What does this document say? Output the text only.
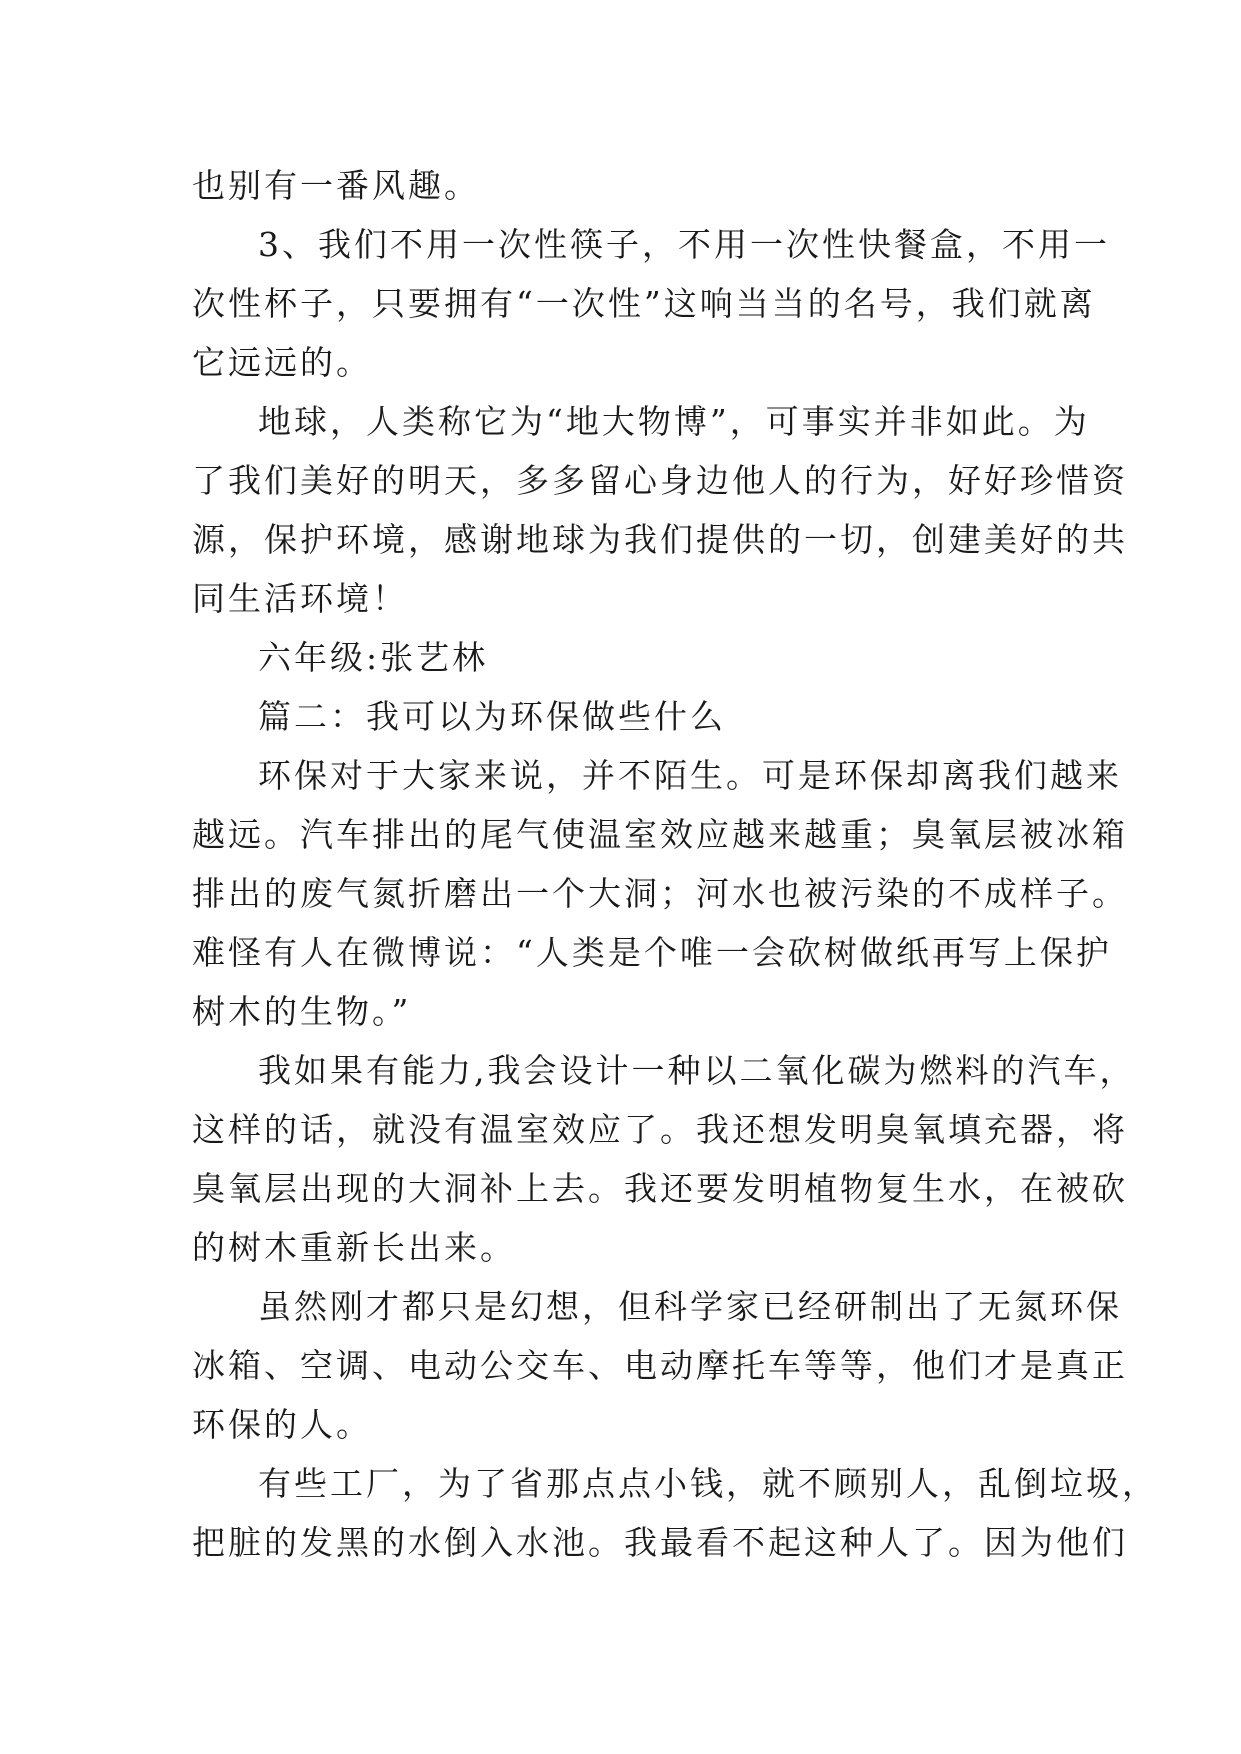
也别有一番风趣。
3、我们不用一次性筷子，不用一次性快餐盒，不用一
次性杯子，只要拥有“一次性”这响当当的名号，我们就离
它远远的。
地球，人类称它为“地大物博”，可事实并非如此。为
了我们美好的明天，多多留心身边他人的行为，好好珍惜资
源，保护环境，感谢地球为我们提供的一切，创建美好的共
同生活环境！
六年级:张艺林
篇二：我可以为环保做些什么
环保对于大家来说，并不陌生。可是环保却离我们越来
越远。汽车排出的尾气使温室效应越来越重；臭氧层被冰箱
排出的废气氮折磨出一个大洞；河水也被污染的不成样子。
难怪有人在微博说：“人类是个唯一会砍树做纸再写上保护
树木的生物。”
我如果有能力,我会设计一种以二氧化碳为燃料的汽车，
这样的话，就没有温室效应了。我还想发明臭氧填充器，将
臭氧层出现的大洞补上去。我还要发明植物复生水，在被砍
的树木重新长出来。
虽然刚才都只是幻想，但科学家已经研制出了无氮环保
冰箱、空调、电动公交车、电动摩托车等等，他们才是真正
环保的人。
有些工厂，为了省那点点小钱，就不顾别人，乱倒垃圾，
把脏的发黑的水倒入水池。我最看不起这种人了。因为他们
